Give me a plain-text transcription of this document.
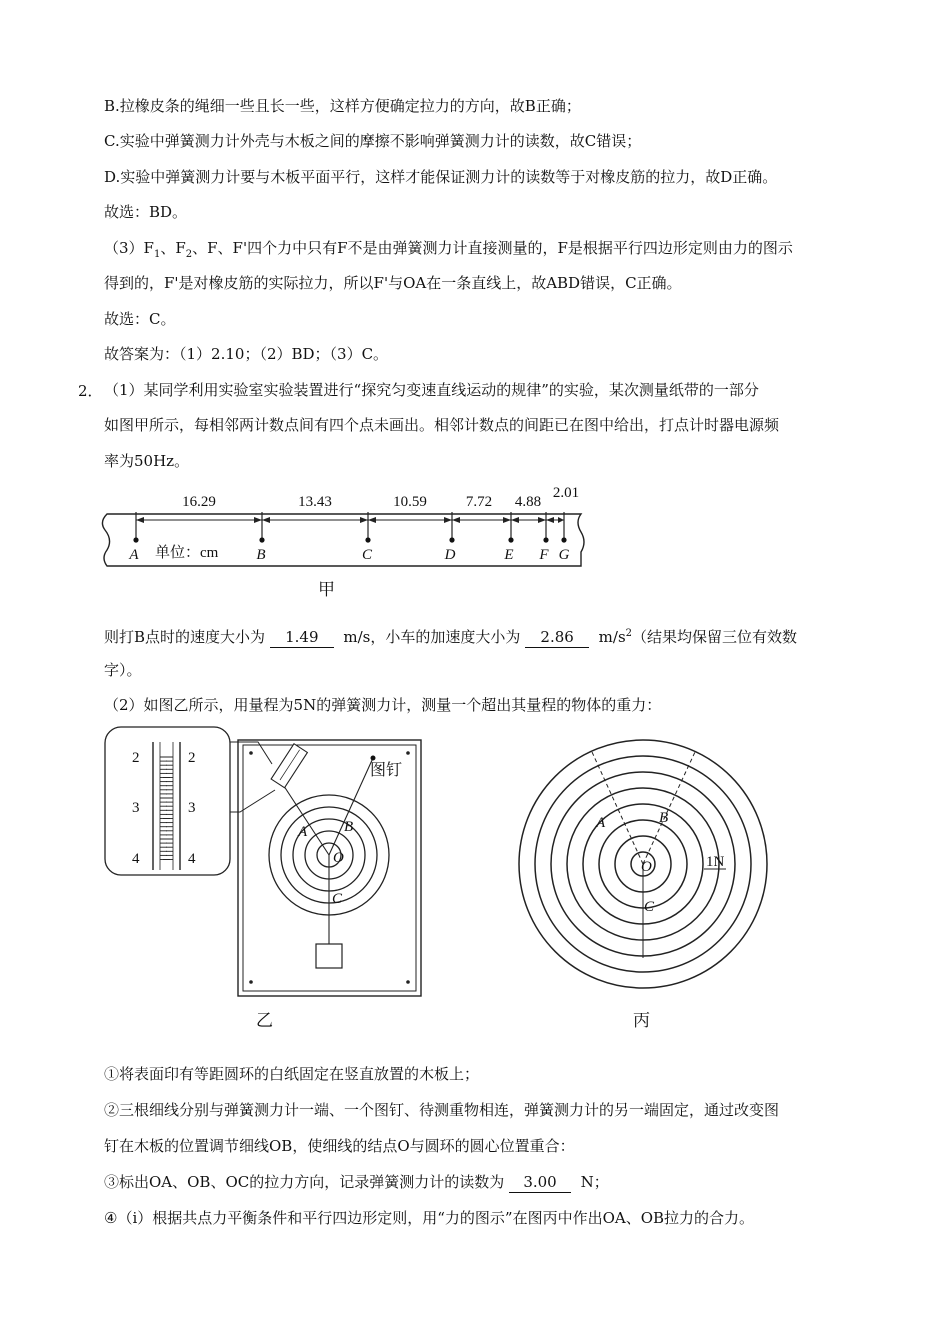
B.拉橡皮条的绳细一些且长一些，这样方便确定拉力的方向，故B正确；
C.实验中弹簧测力计外壳与木板之间的摩擦不影响弹簧测力计的读数，故C错误；
D.实验中弹簧测力计要与木板平面平行，这样才能保证测力计的读数等于对橡皮筋的拉力，故D正确。
故选：BD。
$(3)F_1$、$F_2$、F、F'四个力中只有F不是由弹簧测力计直接测量的，F是根据平行四边形定则由力的图示
得到的，F'是对橡皮筋的实际拉力，所以F'与OA在一条直线上，故ABD错误，C正确。
故选：C。
故答案为：（1）2.10；（2）BD；（3）C。
2． （1）某同学利用实验室实验装置进行“探究匀变速直线运动的规律”的实验，某次测量纸带的一部分
如图甲所示，每相邻两计数点间有四个点未画出。相邻计数点的间距已在图中给出，打点计时器电源频
率为50Hz。
16.29	13.43	10.59	7.72 4.88
2.01
A	B	C	D	E F G
单位：cm
甲
则打B点时的速度大小为 1.49 m/s，小车的加速度大小为 2.86 $m/s^2$（结果均保留三位有效数
字）。
（2）如图乙所示，用量程为5N的弹簧测力计，测量一个超出其量程的物体的重力：
2
3
4
2
3
4
A B
O
C
图钉
乙
A	B
O
C
1N
丙
①将表面印有等距圆环的白纸固定在竖直放置的木板上；
②三根细线分别与弹簧测力计一端、一个图钉、待测重物相连，弹簧测力计的另一端固定，通过改变图
钉在木板的位置调节细线OB，使细线的结点O与圆环的圆心位置重合：
③标出OA、OB、OC的拉力方向，记录弹簧测力计的读数为 3.00 N；
④（ⅰ）根据共点力平衡条件和平行四边形定则，用“力的图示”在图丙中作出OA、OB拉力的合力。
